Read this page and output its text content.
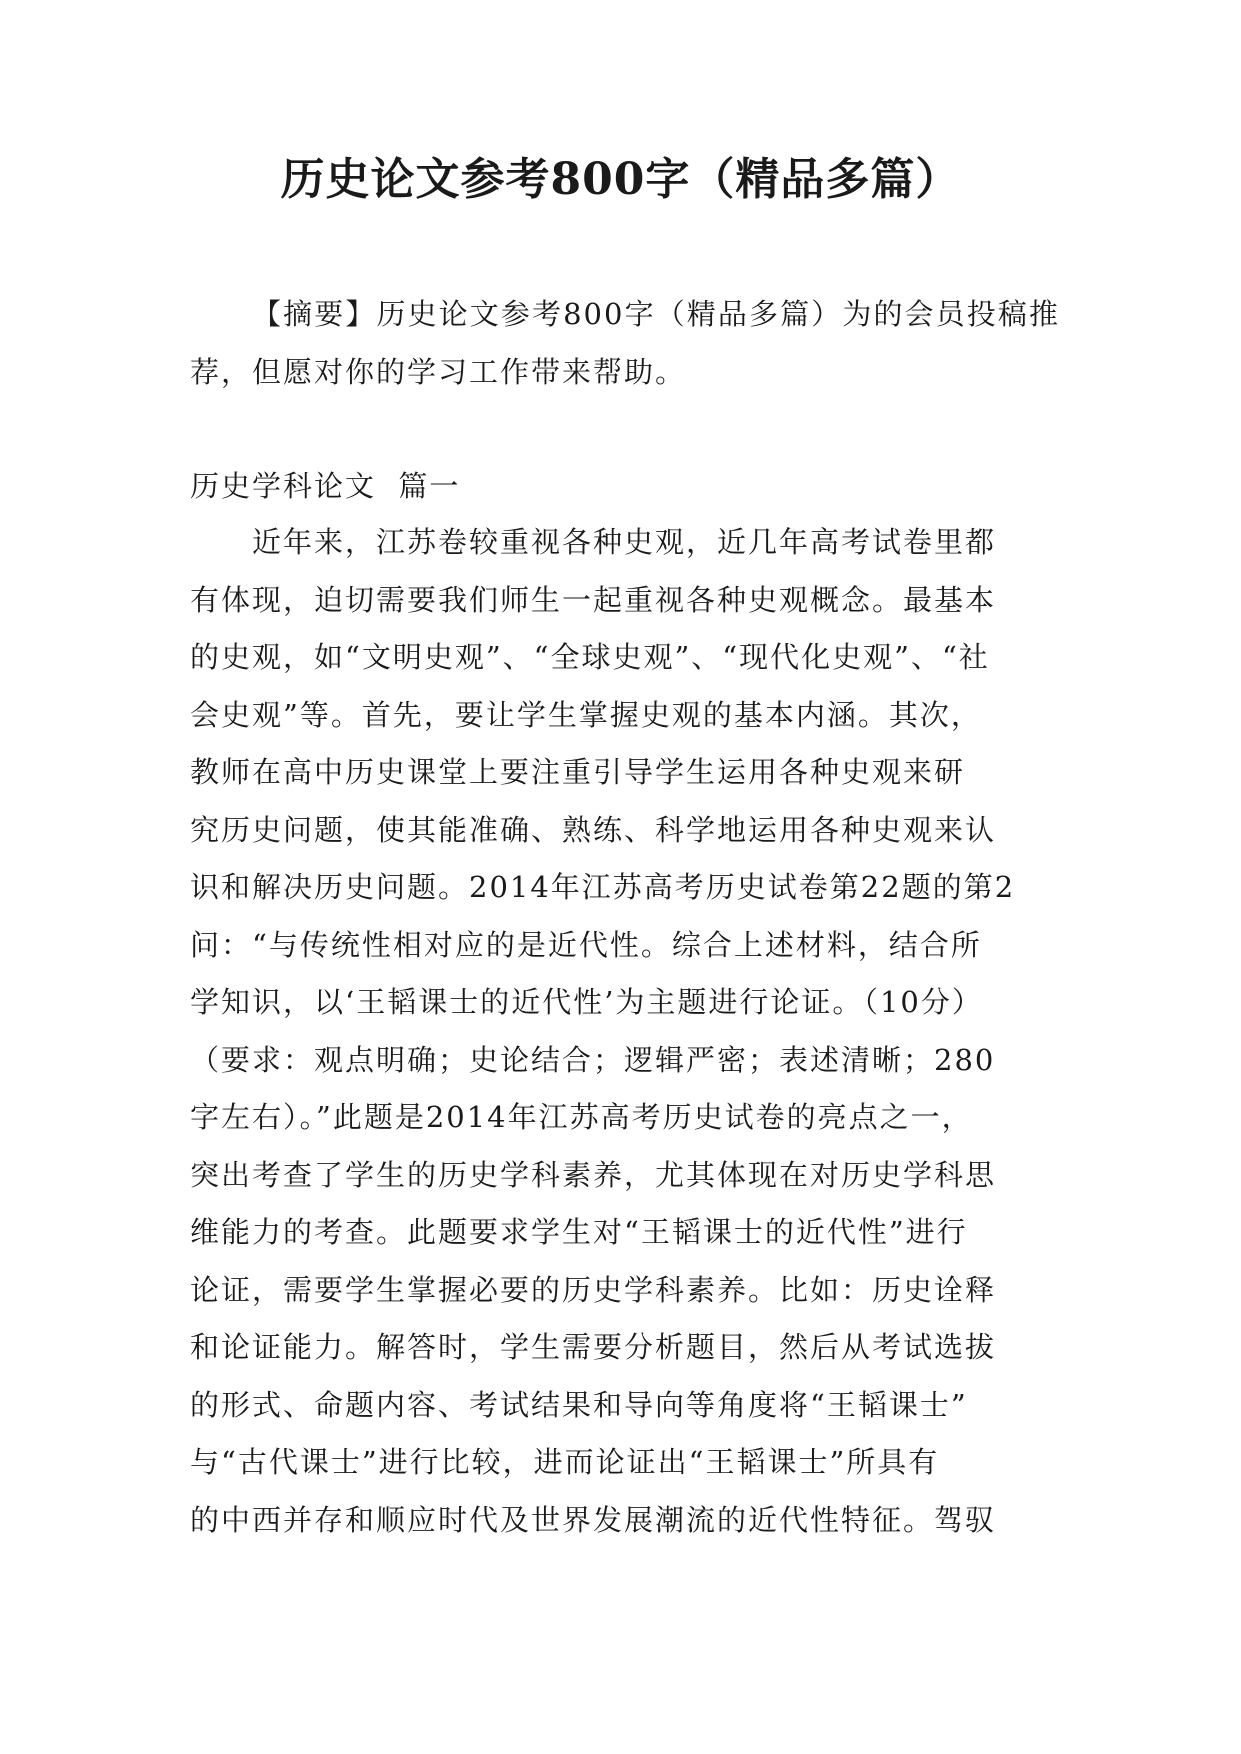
历史论文参考800字（精品多篇）
【摘要】历史论文参考800字（精品多篇）为的会员投稿推荐，但愿对你的学习工作带来帮助。
历史学科论文  篇一
近年来，江苏卷较重视各种史观，近几年高考试卷里都
有体现，迫切需要我们师生一起重视各种史观概念。最基本
的史观，如“文明史观”、“全球史观”、“现代化史观”、“社
会史观”等。首先，要让学生掌握史观的基本内涵。其次，
教师在高中历史课堂上要注重引导学生运用各种史观来研
究历史问题，使其能准确、熟练、科学地运用各种史观来认
识和解决历史问题。2014年江苏高考历史试卷第22题的第2
问：“与传统性相对应的是近代性。综合上述材料，结合所
学知识，以‘王韬课士的近代性’为主题进行论证。（10分）
（要求：观点明确；史论结合；逻辑严密；表述清晰；280
字左右）。”此题是2014年江苏高考历史试卷的亮点之一，
突出考查了学生的历史学科素养，尤其体现在对历史学科思
维能力的考查。此题要求学生对“王韬课士的近代性”进行
论证，需要学生掌握必要的历史学科素养。比如：历史诠释
和论证能力。解答时，学生需要分析题目，然后从考试选拔
的形式、命题内容、考试结果和导向等角度将“王韬课士”
与“古代课士”进行比较，进而论证出“王韬课士”所具有
的中西并存和顺应时代及世界发展潮流的近代性特征。驾驭
